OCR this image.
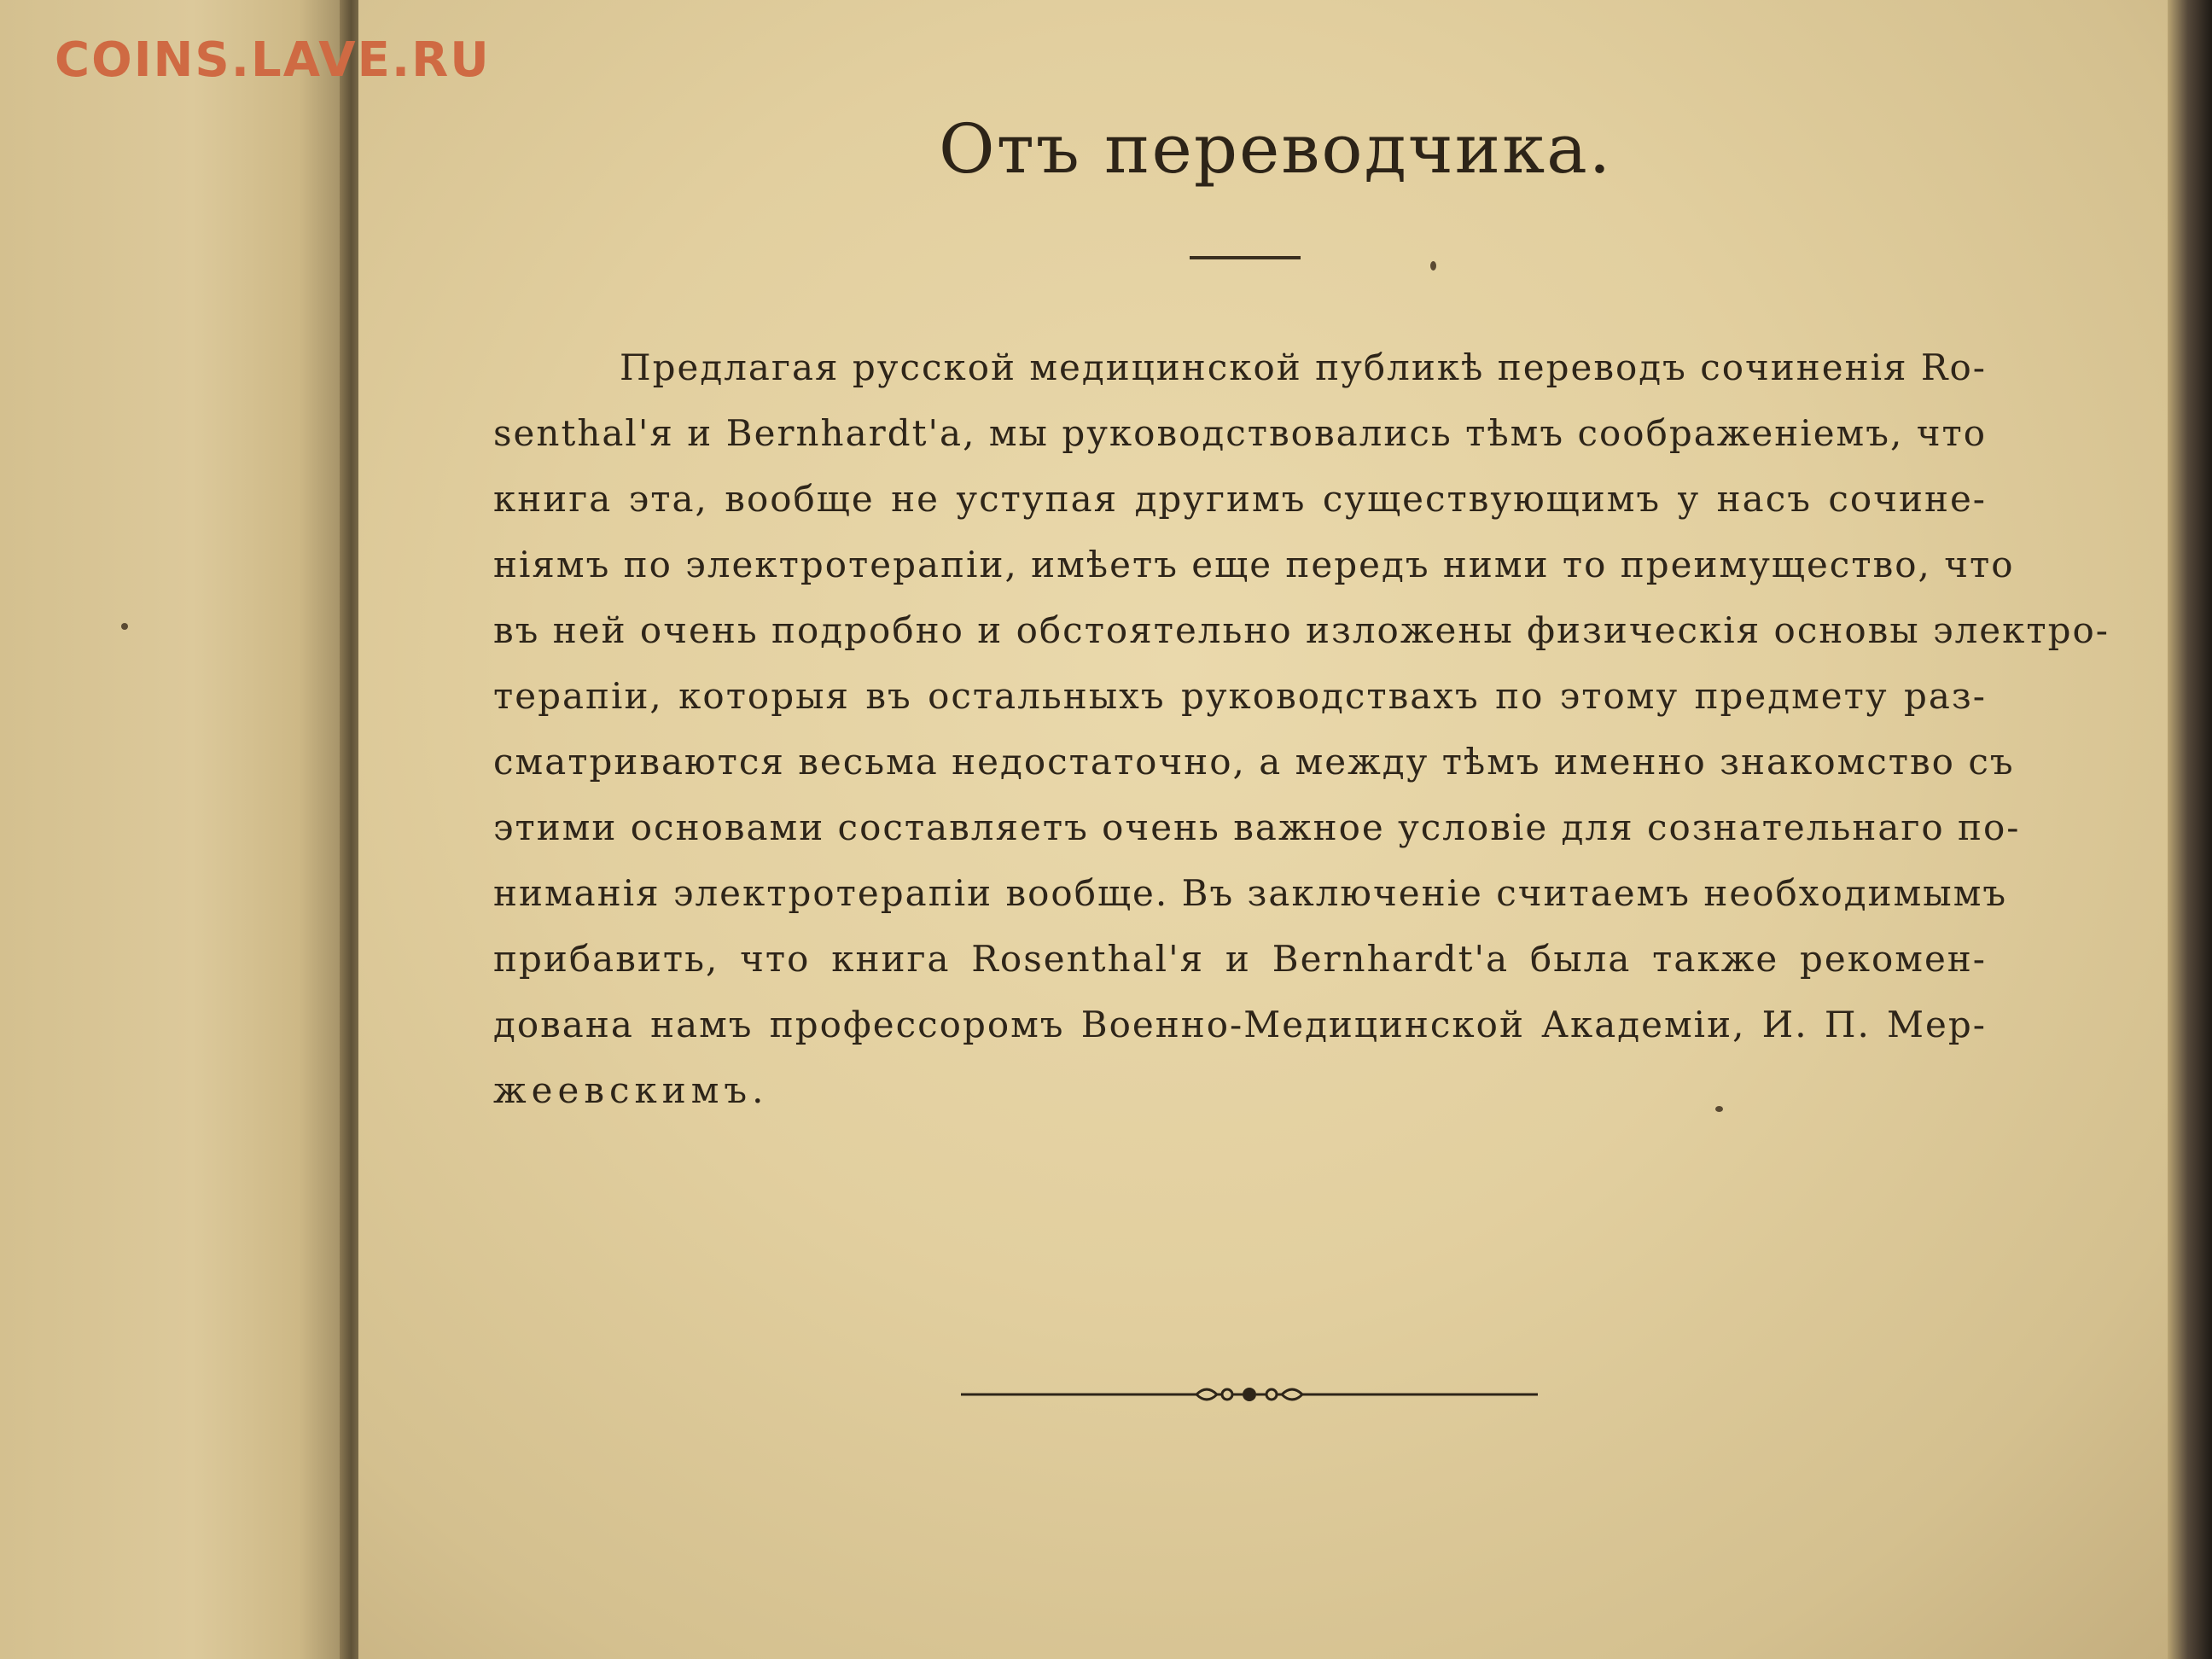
COINS.LAVE.RU
Отъ переводчика.
Предлагая русской медицинской публикѣ переводъ сочиненія Ro-
senthal'я и Bernhardt'а, мы руководствовались тѣмъ соображеніемъ, что
книга эта, вообще не уступая другимъ существующимъ у насъ сочине-
ніямъ по электротерапіи, имѣетъ еще передъ ними то преимущество, что
въ ней очень подробно и обстоятельно изложены физическія основы электро-
терапіи, которыя въ остальныхъ руководствахъ по этому предмету раз-
сматриваются весьма недостаточно, а между тѣмъ именно знакомство съ
этими основами составляетъ очень важное условіе для сознательнаго по-
ниманія электротерапіи вообще. Въ заключеніе считаемъ необходимымъ
прибавить, что книга Rosenthal'я и Bernhardt'а была также рекомен-
дована намъ профессоромъ Военно-Медицинской Академіи, И. П. Мер-
жеевскимъ.
